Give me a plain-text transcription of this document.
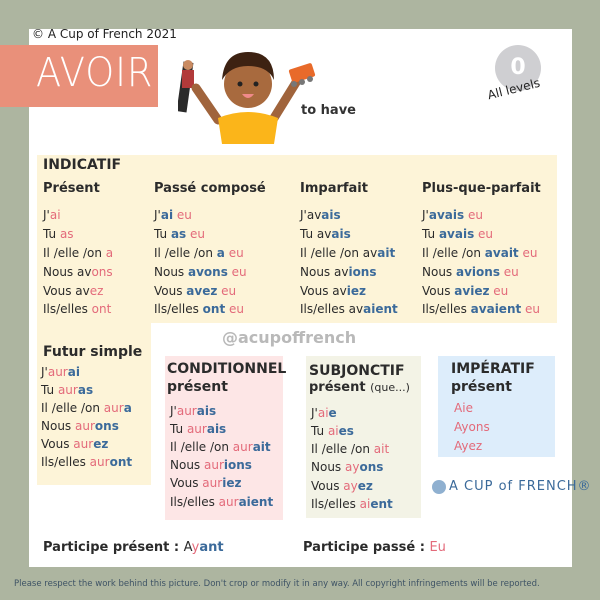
© A Cup of French 2021
AVOIR
to have
0
All levels
INDICATIF
Futur simple
@acupoffrench
CONDITIONNEL
présent
SUBJONCTIF
présent (que...)
IMPÉRATIF
présent
A CUP of FRENCH®
Participe présent : Ayant	Participe passé : Eu
Please respect the work behind this picture. Don't crop or modify it in any way. All copyright infringements will be reported.
Présent
J'ai
Tu as
Il /elle /on a
Nous avons
Vous avez
Ils/elles ont
Passé composé
J'ai eu
Tu as eu
Il /elle /on a eu
Nous avons eu
Vous avez eu
Ils/elles ont eu
Imparfait
J'avais
Tu avais
Il /elle /on avait
Nous avions
Vous aviez
Ils/elles avaient
Plus-que-parfait
J'avais eu
Tu avais eu
Il /elle /on avait eu
Nous avions eu
Vous aviez eu
Ils/elles avaient eu
J'aurai
Tu auras
Il /elle /on aura
Nous aurons
Vous aurez
Ils/elles auront
J'aurais
Tu aurais
Il /elle /on aurait
Nous aurions
Vous auriez
Ils/elles auraient
J'aie
Tu aies
Il /elle /on ait
Nous ayons
Vous ayez
Ils/elles aient
Aie
Ayons
Ayez
